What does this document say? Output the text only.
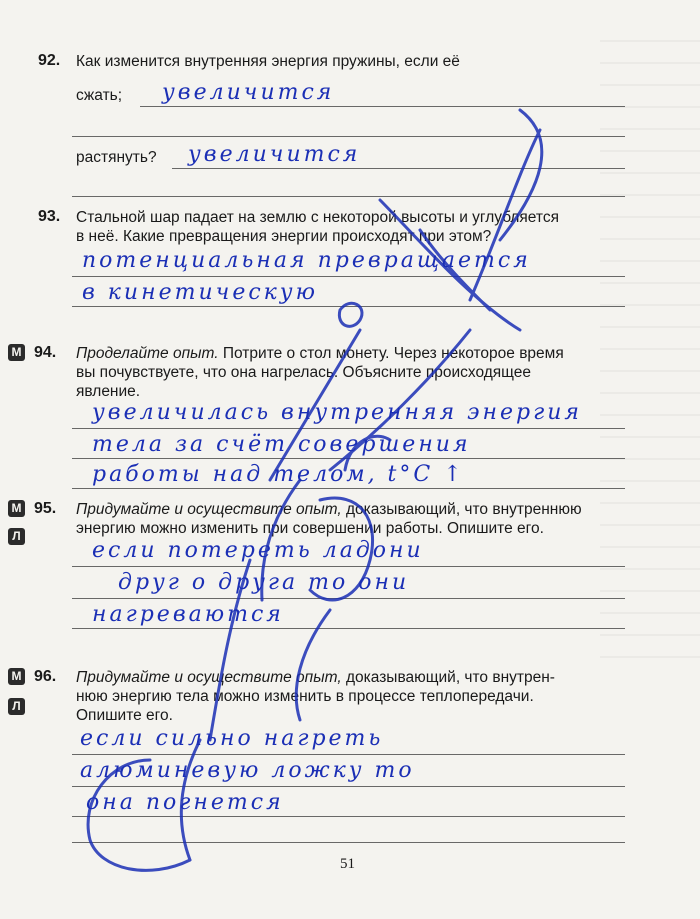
92. Как изменится внутренняя энергия пружины, если её
сжать; увеличится
растянуть? увеличится
93. Стальной шар падает на землю с некоторой высоты и углубляется
в неё. Какие превращения энергии происходят при этом?
потенциальная превращается
в кинетическую
М 94. Проделайте опыт. Потрите о стол монету. Через некоторое время
вы почувствуете, что она нагрелась. Объясните происходящее
явление.
увеличилась внутренняя энергия
тела за счёт совершения
работы над телом, t°C ↑
М
Л
95. Придумайте и осуществите опыт, доказывающий, что внутреннюю
энергию можно изменить при совершении работы. Опишите его.
если потереть ладони
друг о друга то они
нагреваются
М
Л
96. Придумайте и осуществите опыт, доказывающий, что внутрен-
нюю энергию тела можно изменить в процессе теплопередачи.
Опишите его.
если сильно нагреть
алюминевую ложку то
она погнется
51
